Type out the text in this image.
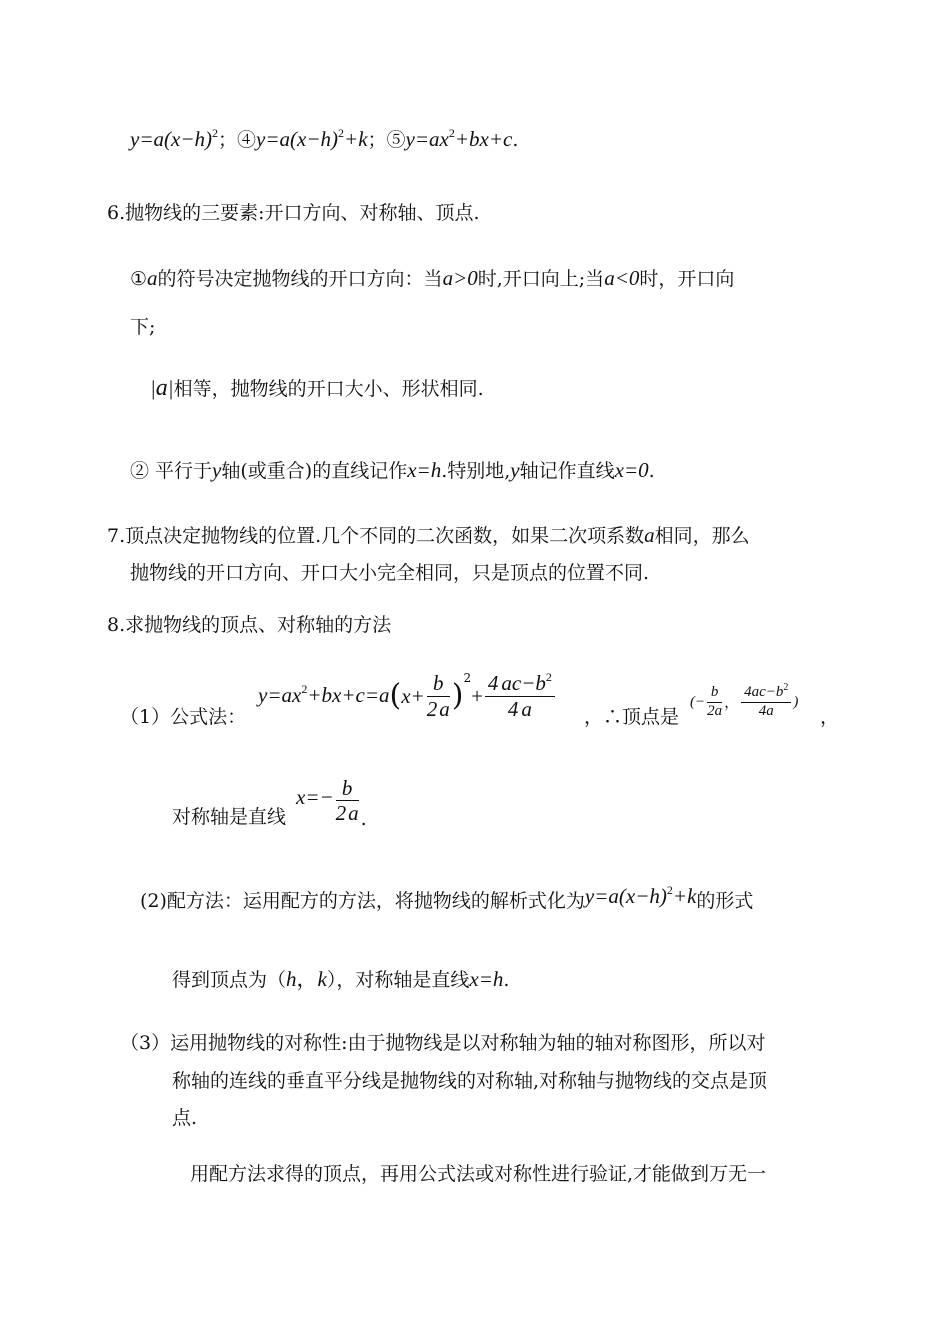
$y=a(x-h)^2$；$④y=a(x-h)^2+k$；$⑤y=ax^2+bx+c$.
6.抛物线的三要素:开口方向、对称轴、顶点.
①a的符号决定抛物线的开口方向：当a>0时,开口向上;当a<0时，开口向
下;
|a|相等，抛物线的开口大小、形状相同.
② 平行于y轴(或重合)的直线记作x=h.特别地,y轴记作直线x=0.
7.顶点决定抛物线的位置.几个不同的二次函数，如果二次项系数a相同，那么
抛物线的开口方向、开口大小完全相同，只是顶点的位置不同.
8.求抛物线的顶点、对称轴的方法
（1）公式法：
$y=ax^2+bx+c=a$ ( $x+ \frac{b}{2a}$ ) 2
+ $\frac{4 ac-b^2}{4 a}$ ，∴顶点是
(− $\frac{b}{2a}$ ， $\frac{4ac-b^2}{4a}$ )
，
对称轴是直线
$x=- \frac{b}{2a}$ .
(2)配方法：运用配方的方法，将抛物线的解析式化为$y=a(x-h)^2+k$的形式
得到顶点为（h，k），对称轴是直线x=h.
（3）运用抛物线的对称性:由于抛物线是以对称轴为轴的轴对称图形，所以对
称轴的连线的垂直平分线是抛物线的对称轴,对称轴与抛物线的交点是顶
点.
用配方法求得的顶点，再用公式法或对称性进行验证,才能做到万无一
